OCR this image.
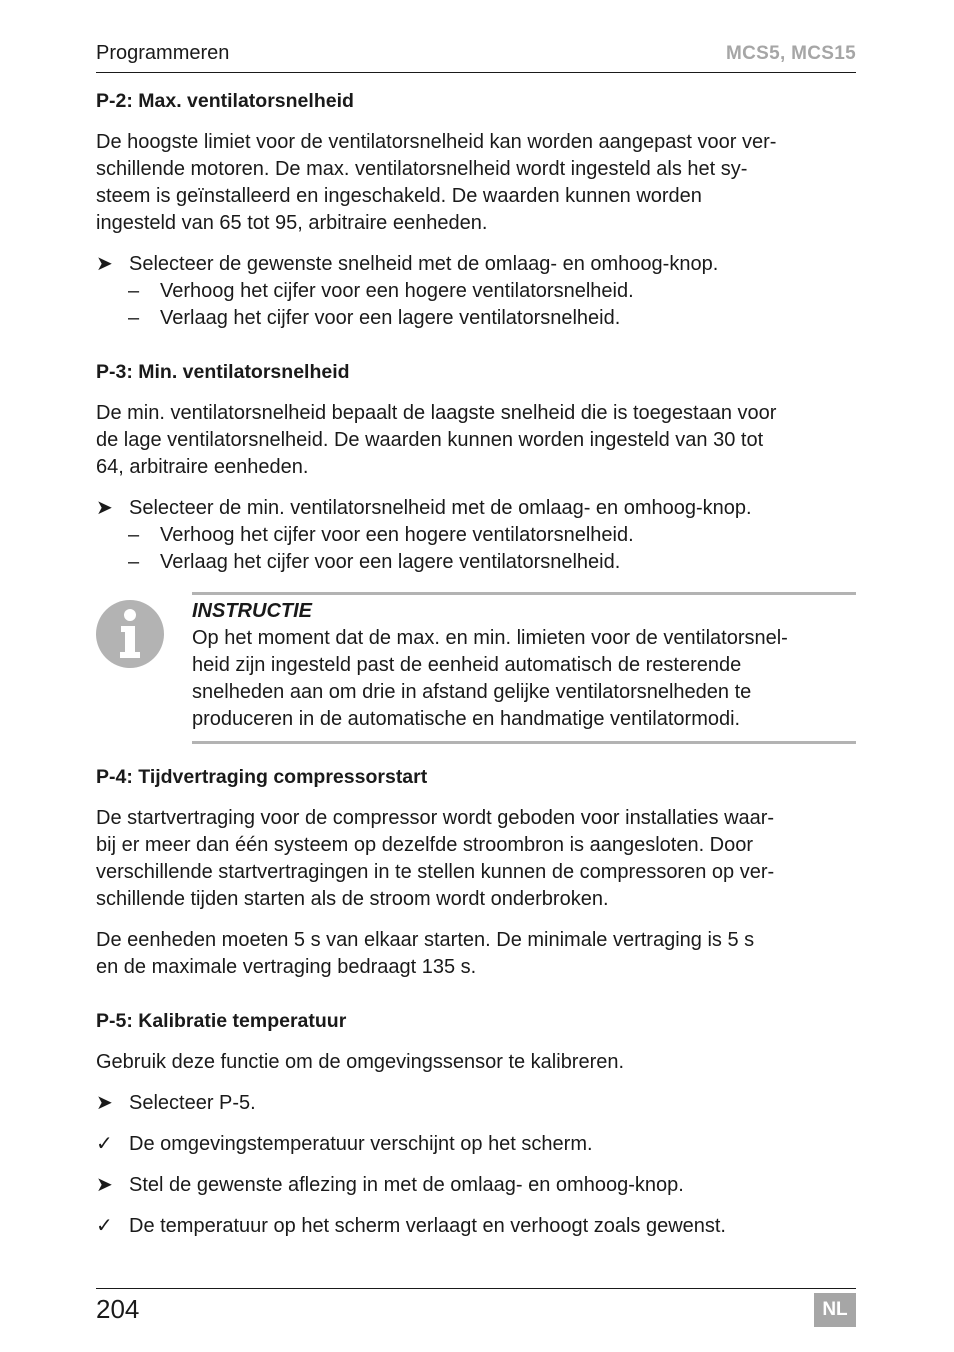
Programmeren	MCS5, MCS15
P-2: Max. ventilatorsnelheid

De hoogste limiet voor de ventilatorsnelheid kan worden aangepast voor ver-
schillende motoren. De max. ventilatorsnelheid wordt ingesteld als het sy-
steem is geïnstalleerd en ingeschakeld. De waarden kunnen worden
ingesteld van 65 tot 95, arbitraire eenheden.

➤ Selecteer de gewenste snelheid met de omlaag- en omhoog-knop.
– Verhoog het cijfer voor een hogere ventilatorsnelheid.
– Verlaag het cijfer voor een lagere ventilatorsnelheid.
P-3: Min. ventilatorsnelheid

De min. ventilatorsnelheid bepaalt de laagste snelheid die is toegestaan voor
de lage ventilatorsnelheid. De waarden kunnen worden ingesteld van 30 tot
64, arbitraire eenheden.

➤ Selecteer de min. ventilatorsnelheid met de omlaag- en omhoog-knop.
– Verhoog het cijfer voor een hogere ventilatorsnelheid.
– Verlaag het cijfer voor een lagere ventilatorsnelheid.
INSTRUCTIE
Op het moment dat de max. en min. limieten voor de ventilatorsnel-
heid zijn ingesteld past de eenheid automatisch de resterende
snelheden aan om drie in afstand gelijke ventilatorsnelheden te
produceren in de automatische en handmatige ventilatormodi.
P-4: Tijdvertraging compressorstart

De startvertraging voor de compressor wordt geboden voor installaties waar-
bij er meer dan één systeem op dezelfde stroombron is aangesloten. Door
verschillende startvertragingen in te stellen kunnen de compressoren op ver-
schillende tijden starten als de stroom wordt onderbroken.

De eenheden moeten 5 s van elkaar starten. De minimale vertraging is 5 s
en de maximale vertraging bedraagt 135 s.

P-5: Kalibratie temperatuur

Gebruik deze functie om de omgevingssensor te kalibreren.

➤ Selecteer P-5.
✓ De omgevingstemperatuur verschijnt op het scherm.
➤ Stel de gewenste aflezing in met de omlaag- en omhoog-knop.
✓ De temperatuur op het scherm verlaagt en verhoogt zoals gewenst.
204	NL
